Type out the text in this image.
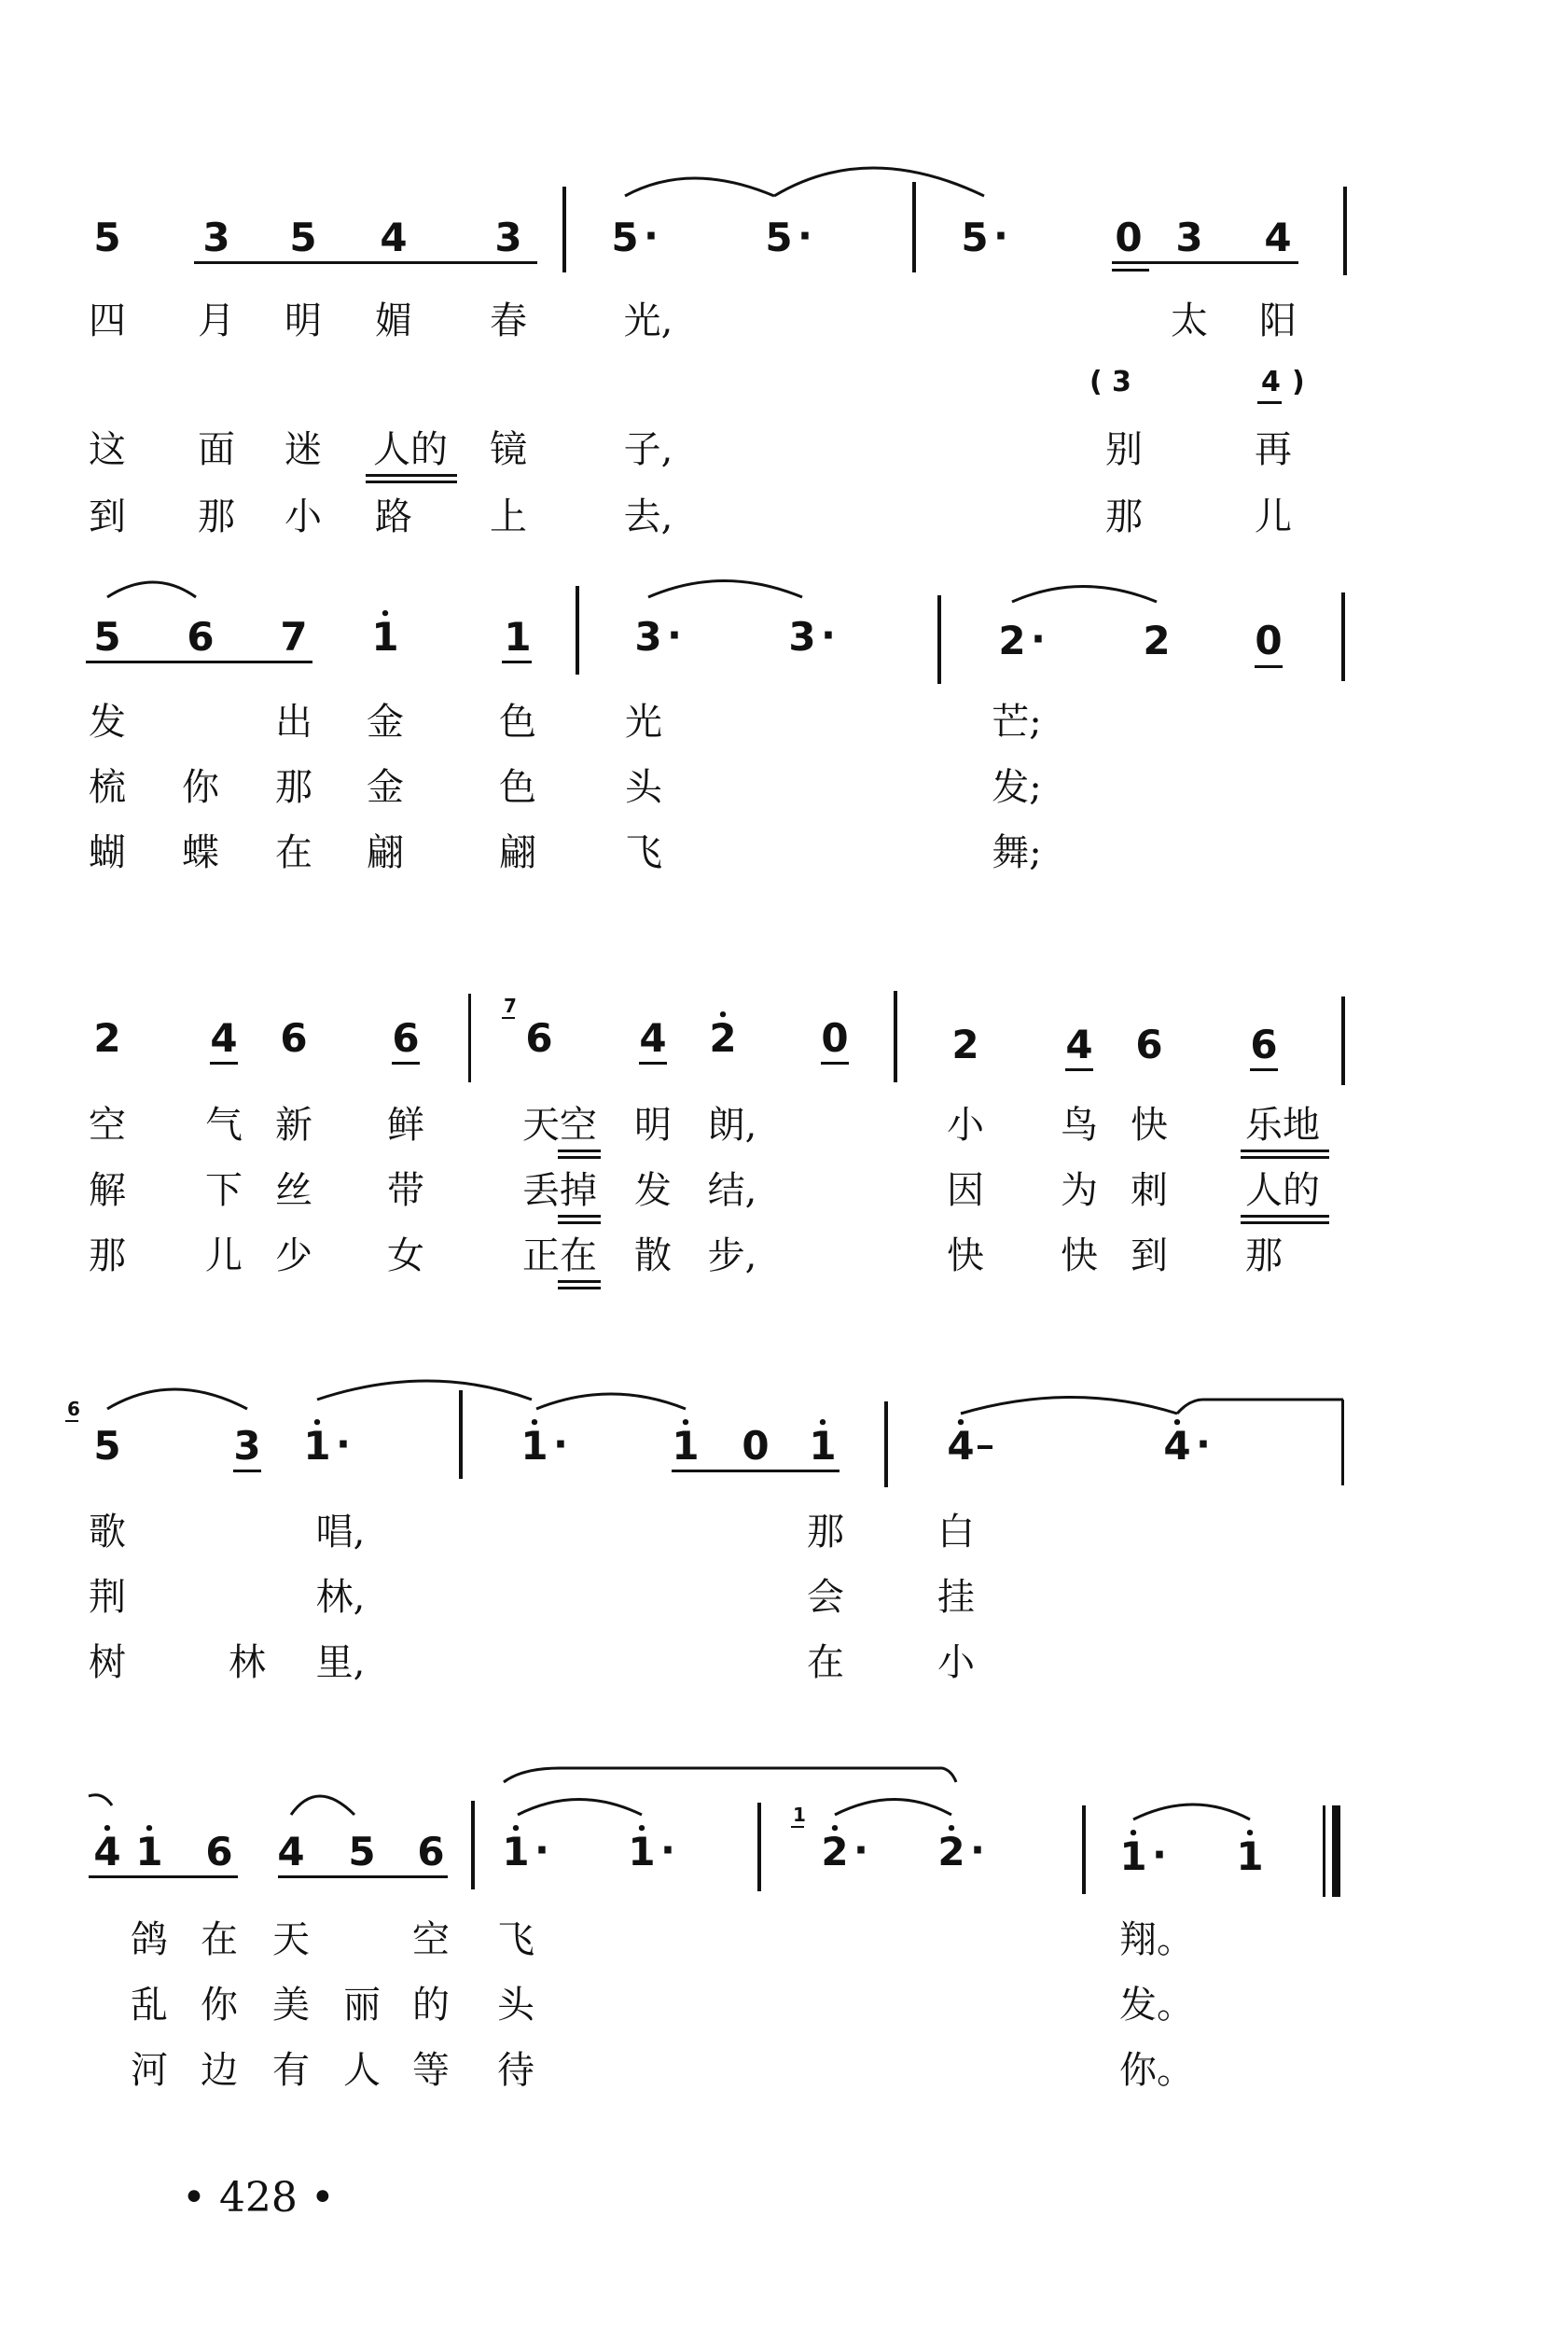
5	3	5	4	3	5 ·	5 ·	5 ·	0 3	4
四 月 明 媚 春	光,	太 阳
( 3	4 )
这 面 迷 人的 镜	子,	别	再
到 那 小 路 上	去,	那	儿
5	6	7	• 1	1	3 ·	3 ·	2 ·	2	0
发	出 金	色 光	芒;
梳 你 那 金	色 头	发;
蝴 蝶 在 翩	翩 飞	舞;
2	4	6	6
7
6	4	• 2	0	2	4	6	6
空 气 新 鲜	天空 明 朗,	小 鸟 快 乐地
解 下 丝 带	丢掉 发 结,	因 为 刺 人的
那 儿 少 女	正在 散 步,	快 快 到 那
6
5	3	• 1 ·	• 1 ·	• 1	0	• 1	• 4	• 4 ·
歌	唱,	那	白
荆	林,	会	挂
树	林	里,	在	小
• 4 • 1	6	4	5	6	• 1 ·	• 1 ·
1
• 2 ·	• 2 ·	• 1 ·	• 1
鸽 在 天	空 飞	翔。
乱 你 美 丽 的 头	发。
河 边 有 人 等 待	你。
• 428 •
